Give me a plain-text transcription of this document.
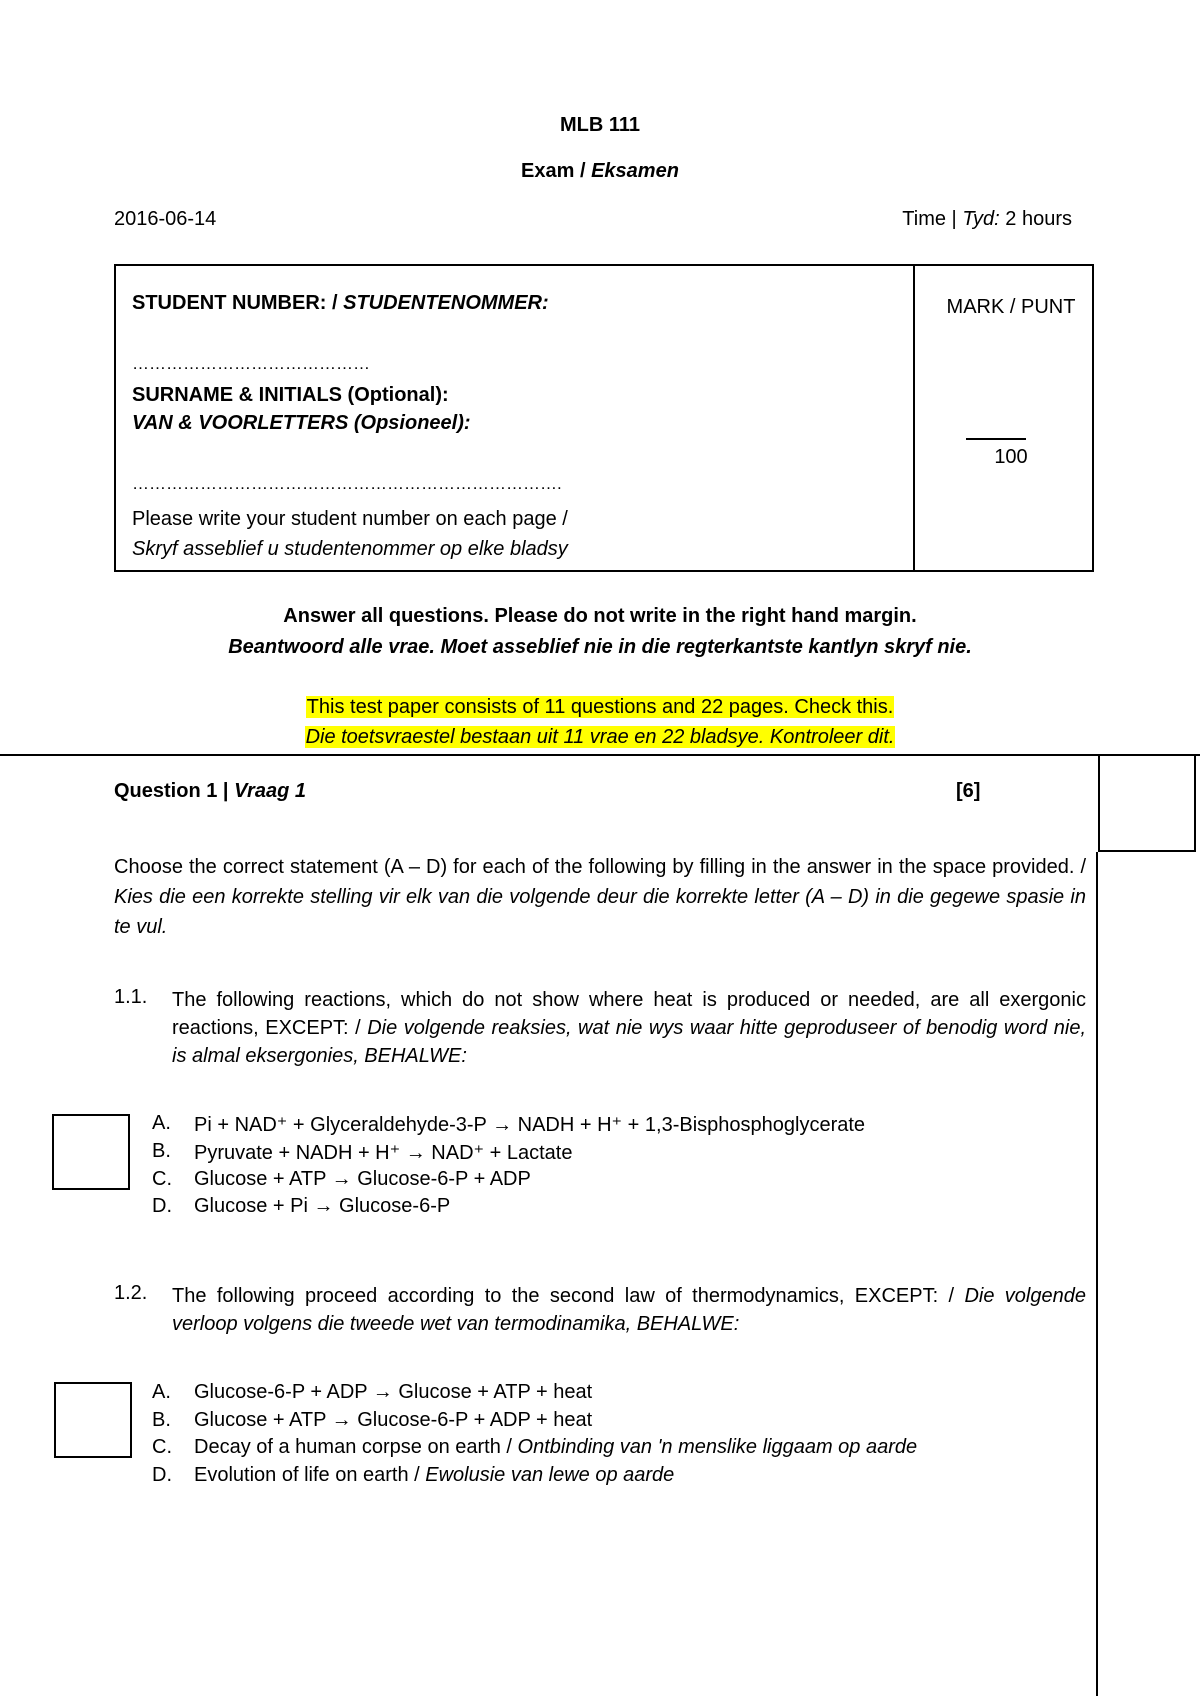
MLB 111
Exam / Eksamen
2016-06-14	Time | Tyd: 2 hours
STUDENT NUMBER: / STUDENTENOMMER:
……………………………………
SURNAME & INITIALS (Optional):
VAN & VOORLETTERS (Opsioneel):
………………………………………………………………….
Please write your student number on each page /
Skryf asseblief u studentenommer op elke bladsy
MARK / PUNT
100
Answer all questions. Please do not write in the right hand margin.
Beantwoord alle vrae. Moet asseblief nie in die regterkantste kantlyn skryf nie.
This test paper consists of 11 questions and 22 pages. Check this.
Die toetsvraestel bestaan uit 11 vrae en 22 bladsye. Kontroleer dit.
Question 1 | Vraag 1	[6]
Choose the correct statement (A – D) for each of the following by filling in the answer in the space provided. / Kies die een korrekte stelling vir elk van die volgende deur die korrekte letter (A – D) in die gegewe spasie in te vul.
1.1. The following reactions, which do not show where heat is produced or needed, are all exergonic reactions, EXCEPT: / Die volgende reaksies, wat nie wys waar hitte geproduseer of benodig word nie, is almal eksergonies, BEHALWE:
A. Pi + NAD⁺ + Glyceraldehyde-3-P → NADH + H⁺ + 1,3-Bisphosphoglycerate
B. Pyruvate + NADH + H⁺ → NAD⁺ + Lactate
C. Glucose + ATP → Glucose-6-P + ADP
D. Glucose + Pi → Glucose-6-P
1.2. The following proceed according to the second law of thermodynamics, EXCEPT: / Die volgende verloop volgens die tweede wet van termodinamika, BEHALWE:
A. Glucose-6-P + ADP → Glucose + ATP + heat
B. Glucose + ATP → Glucose-6-P + ADP + heat
C. Decay of a human corpse on earth / Ontbinding van 'n menslike liggaam op aarde
D. Evolution of life on earth / Ewolusie van lewe op aarde
